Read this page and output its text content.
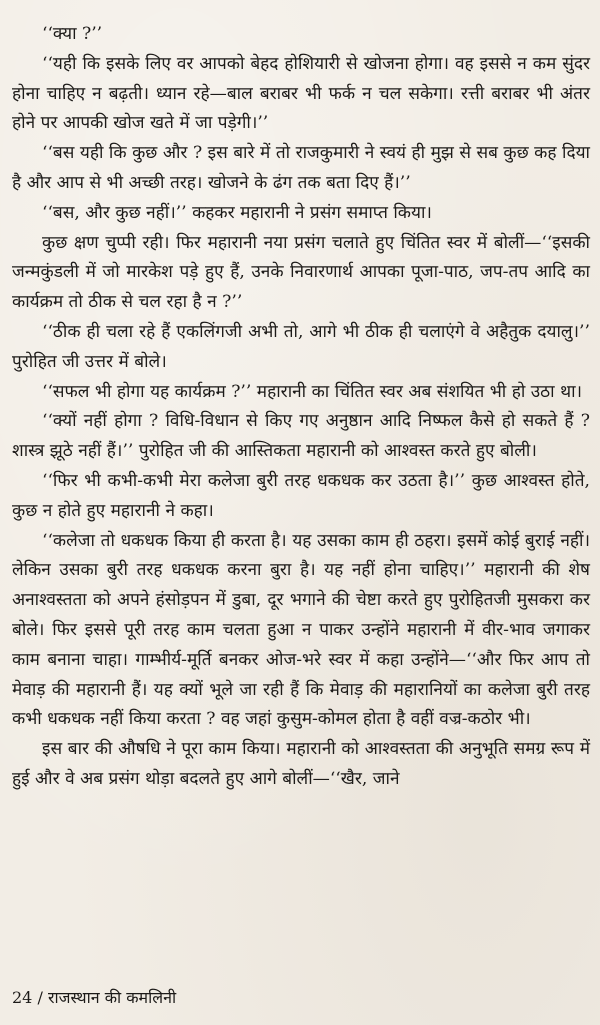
‘‘क्या ?’’

‘‘यही कि इसके लिए वर आपको बेहद होशियारी से खोजना होगा। वह इससे न कम सुंदर होना चाहिए न बढ़ती। ध्यान रहे—बाल बराबर भी फर्क न चल सकेगा। रत्ती बराबर भी अंतर होने पर आपकी खोज खते में जा पड़ेगी।’’

‘‘बस यही कि कुछ और ? इस बारे में तो राजकुमारी ने स्वयं ही मुझ से सब कुछ कह दिया है और आप से भी अच्छी तरह। खोजने के ढंग तक बता दिए हैं।’’

‘‘बस, और कुछ नहीं।’’ कहकर महारानी ने प्रसंग समाप्त किया।

कुछ क्षण चुप्पी रही। फिर महारानी नया प्रसंग चलाते हुए चिंतित स्वर में बोलीं—‘‘इसकी जन्मकुंडली में जो मारकेश पड़े हुए हैं, उनके निवारणार्थ आपका पूजा-पाठ, जप-तप आदि का कार्यक्रम तो ठीक से चल रहा है न ?’’

‘‘ठीक ही चला रहे हैं एकलिंगजी अभी तो, आगे भी ठीक ही चलाएंगे वे अहैतुक दयालु।’’ पुरोहित जी उत्तर में बोले।

‘‘सफल भी होगा यह कार्यक्रम ?’’ महारानी का चिंतित स्वर अब संशयित भी हो उठा था।

‘‘क्यों नहीं होगा ? विधि-विधान से किए गए अनुष्ठान आदि निष्फल कैसे हो सकते हैं ? शास्त्र झूठे नहीं हैं।’’ पुरोहित जी की आस्तिकता महारानी को आश्वस्त करते हुए बोली।

‘‘फिर भी कभी-कभी मेरा कलेजा बुरी तरह धकधक कर उठता है।’’ कुछ आश्वस्त होते, कुछ न होते हुए महारानी ने कहा।

‘‘कलेजा तो धकधक किया ही करता है। यह उसका काम ही ठहरा। इसमें कोई बुराई नहीं। लेकिन उसका बुरी तरह धकधक करना बुरा है। यह नहीं होना चाहिए।’’ महारानी की शेष अनाश्वस्तता को अपने हंसोड़पन में डुबा, दूर भगाने की चेष्टा करते हुए पुरोहितजी मुसकरा कर बोले। फिर इससे पूरी तरह काम चलता हुआ न पाकर उन्होंने महारानी में वीर-भाव जगाकर काम बनाना चाहा। गाम्भीर्य-मूर्ति बनकर ओज-भरे स्वर में कहा उन्होंने—‘‘और फिर आप तो मेवाड़ की महारानी हैं। यह क्यों भूले जा रही हैं कि मेवाड़ की महारानियों का कलेजा बुरी तरह कभी धकधक नहीं किया करता ? वह जहां कुसुम-कोमल होता है वहीं वज्र-कठोर भी।

इस बार की औषधि ने पूरा काम किया। महारानी को आश्वस्तता की अनुभूति समग्र रूप में हुई और वे अब प्रसंग थोड़ा बदलते हुए आगे बोलीं—‘‘खैर, जाने

24 / राजस्थान की कमलिनी
